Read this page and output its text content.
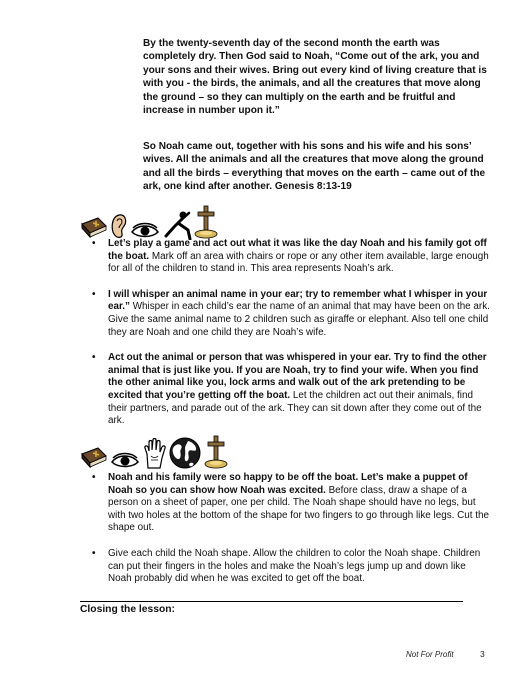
By the twenty-seventh day of the second month the earth was completely dry. Then God said to Noah, “Come out of the ark, you and your sons and their wives. Bring out every kind of living creature that is with you - the birds, the animals, and all the creatures that move along the ground – so they can multiply on the earth and be fruitful and increase in number upon it.”

So Noah came out, together with his sons and his wife and his sons’ wives. All the animals and all the creatures that move along the ground and all the birds – everything that moves on the earth – came out of the ark, one kind after another. Genesis 8:13-19

• Let’s play a game and act out what it was like the day Noah and his family got off the boat. Mark off an area with chairs or rope or any other item available, large enough for all of the children to stand in. This area represents Noah’s ark.
• I will whisper an animal name in your ear; try to remember what I whisper in your ear.” Whisper in each child’s ear the name of an animal that may have been on the ark. Give the same animal name to 2 children such as giraffe or elephant. Also tell one child they are Noah and one child they are Noah’s wife.
• Act out the animal or person that was whispered in your ear. Try to find the other animal that is just like you. If you are Noah, try to find your wife. When you find the other animal like you, lock arms and walk out of the ark pretending to be excited that you’re getting off the boat. Let the children act out their animals, find their partners, and parade out of the ark. They can sit down after they come out of the ark.
• Noah and his family were so happy to be off the boat. Let’s make a puppet of Noah so you can show how Noah was excited. Before class, draw a shape of a person on a sheet of paper, one per child. The Noah shape should have no legs, but with two holes at the bottom of the shape for two fingers to go through like legs. Cut the shape out.
• Give each child the Noah shape. Allow the children to color the Noah shape. Children can put their fingers in the holes and make the Noah’s legs jump up and down like Noah probably did when he was excited to get off the boat.
Closing the lesson:
Not For Profit	3
